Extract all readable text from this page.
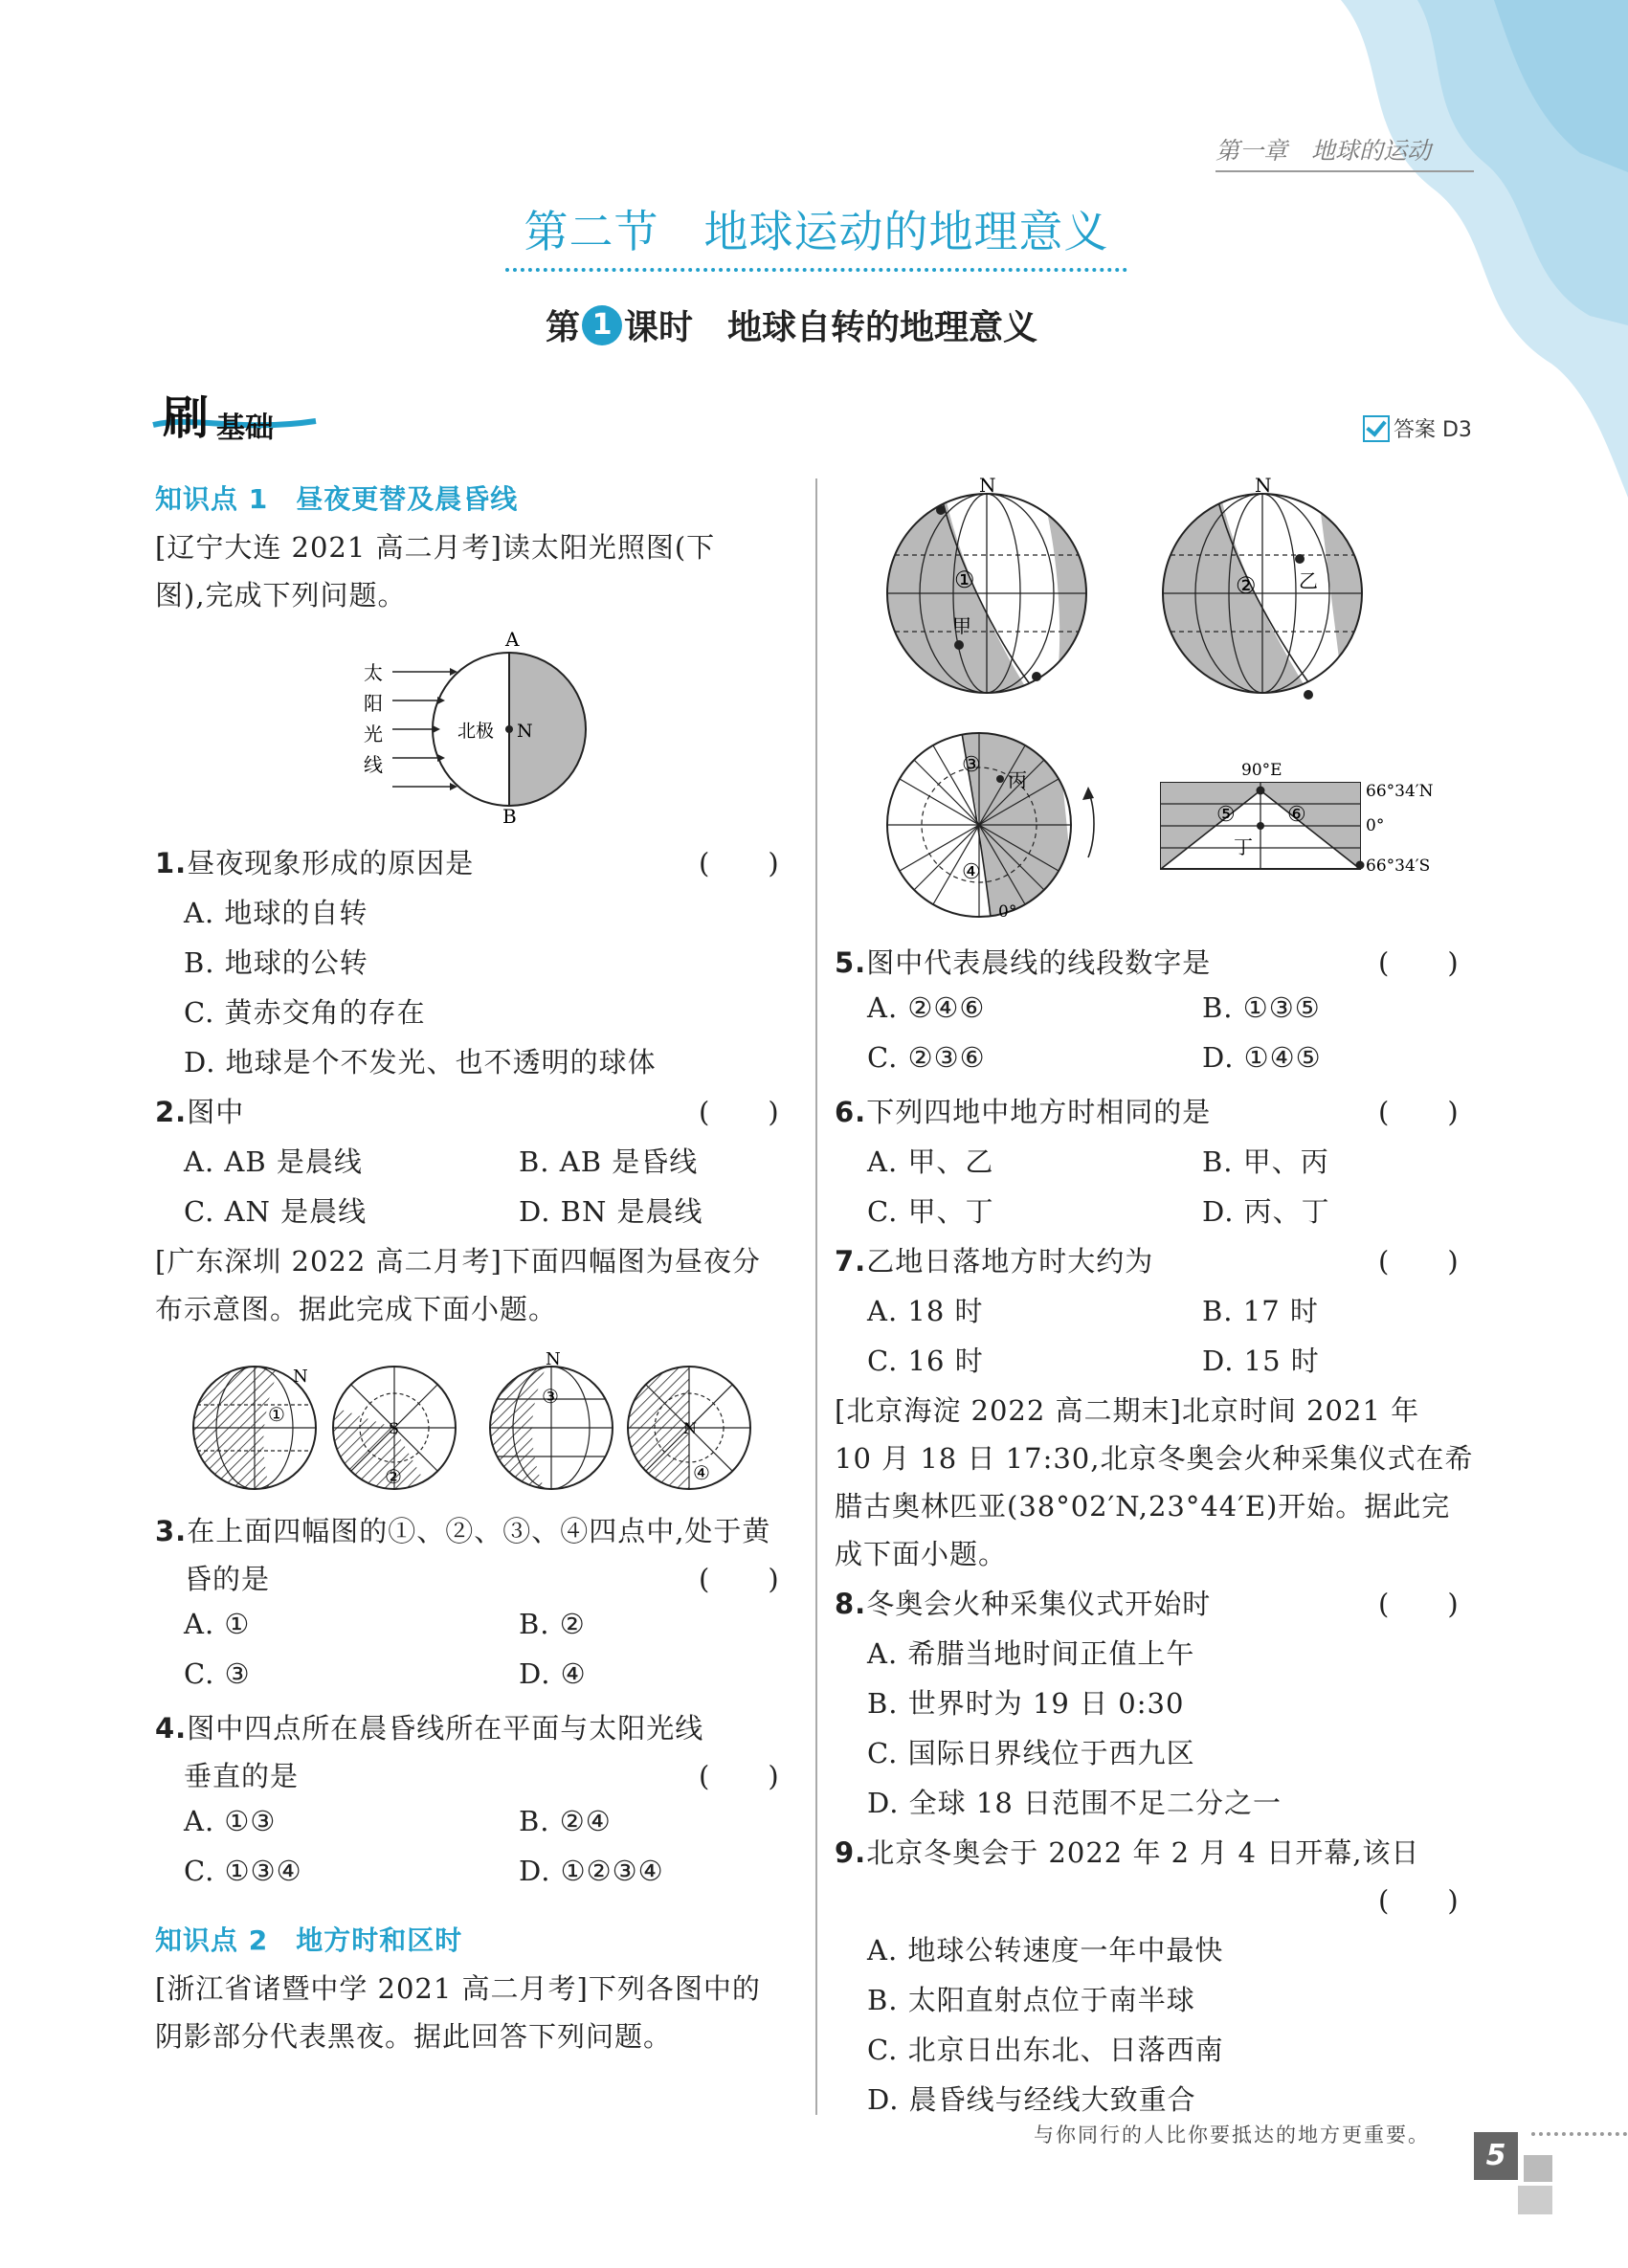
第一章　地球的运动
第二节　地球运动的地理意义
第 1 课时　地球自转的地理意义
刷 基础	答案 D3
知识点 1　昼夜更替及晨昏线
[辽宁大连 2021 高二月考]读太阳光照图(下
图),完成下列问题。
太
阳
光
线
A
B
北极 N
1.昼夜现象形成的原因是	(　　)
A. 地球的自转
B. 地球的公转
C. 黄赤交角的存在
D. 地球是个不发光、也不透明的球体
2.图中	(　　)
A. AB 是晨线	B. AB 是昏线
C. AN 是晨线	D. BN 是晨线
[广东深圳 2022 高二月考]下面四幅图为昼夜分
布示意图。据此完成下面小题。
N
①
S
②
N
③
N
④
3.在上面四幅图的①、②、③、④四点中,处于黄
昏的是	(　　)
A. ①	B. ②
C. ③	D. ④
4.图中四点所在晨昏线所在平面与太阳光线
垂直的是	(　　)
A. ①③	B. ②④
C. ①③④	D. ①②③④
知识点 2　地方时和区时
[浙江省诸暨中学 2021 高二月考]下列各图中的
阴影部分代表黑夜。据此回答下列问题。
N
①
甲
N
② 乙
③
丙
④
0°
90°E
66°34′N
0°
66°34′S
⑤ ⑥
丁
5.图中代表晨线的线段数字是	(　　)
A. ②④⑥	B. ①③⑤
C. ②③⑥	D. ①④⑤
6.下列四地中地方时相同的是	(　　)
A. 甲、乙	B. 甲、丙
C. 甲、丁	D. 丙、丁
7.乙地日落地方时大约为	(　　)
A. 18 时	B. 17 时
C. 16 时	D. 15 时
[北京海淀 2022 高二期末]北京时间 2021 年
10 月 18 日 17:30,北京冬奥会火种采集仪式在希
腊古奥林匹亚(38°02′N,23°44′E)开始。据此完
成下面小题。
8.冬奥会火种采集仪式开始时	(　　)
A. 希腊当地时间正值上午
B. 世界时为 19 日 0:30
C. 国际日界线位于西九区
D. 全球 18 日范围不足二分之一
9.北京冬奥会于 2022 年 2 月 4 日开幕,该日
(　　)
A. 地球公转速度一年中最快
B. 太阳直射点位于南半球
C. 北京日出东北、日落西南
D. 晨昏线与经线大致重合
与你同行的人比你要抵达的地方更重要。
5
